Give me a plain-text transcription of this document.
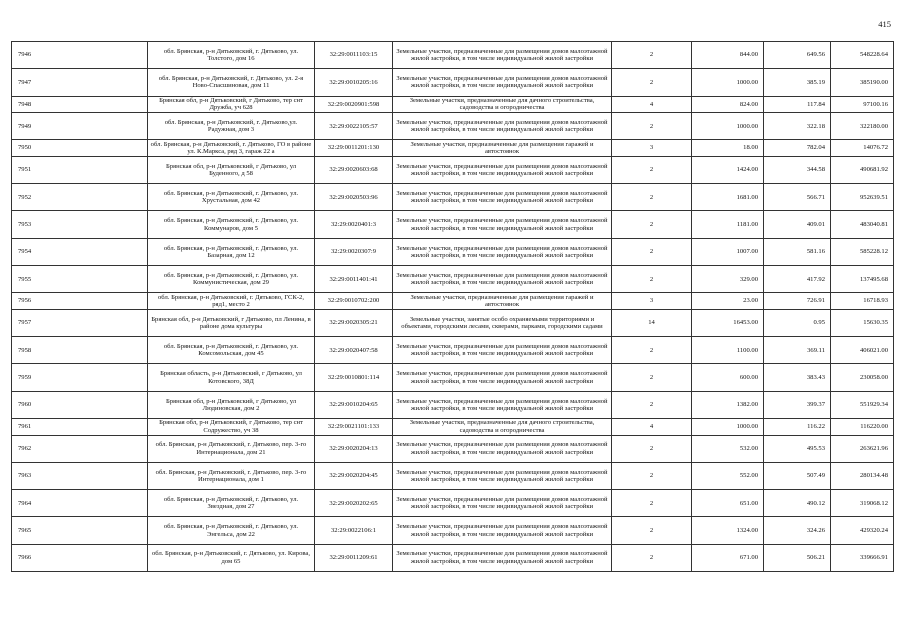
415
7946	обл. Брянская, р-н Дятьковский, г. Дятьково, ул. Толстого, дом 16	32:29:0011103:15	Земельные участки, предназначенные для размещения домов малоэтажной жилой застройки, в том числе индивидуальной жилой застройки	2	844.00	649.56	548228.64
7947	обл. Брянская, р-н Дятьковский, г. Дятьково, ул. 2-я Ново-Спасшиновая, дом 11	32:29:0010205:16	Земельные участки, предназначенные для размещения домов малоэтажной жилой застройки, в том числе индивидуальной жилой застройки	2	1000.00	385.19	385190.00
7948	Брянская обл, р-н Дятьковский, г Дятьково, тер снт Дружба, уч 628	32:29:0020901:598	Земельные участки, предназначенные для дачного строительства, садоводства и огородничества	4	824.00	117.84	97100.16
7949	обл. Брянская, р-н Дятьковский, г. Дятьково,ул. Радужная, дом 3	32:29:0022105:57	Земельные участки, предназначенные для размещения домов малоэтажной жилой застройки, в том числе индивидуальной жилой застройки	2	1000.00	322.18	322180.00
7950	обл. Брянская, р-н Дятьковский, г. Дятьково, ГО в районе ул. К.Маркса, ряд 3, гараж 22 а	32:29:0011201:130	Земельные участки, предназначенные для размещения гаражей и автостоянок	3	18.00	782.04	14076.72
7951	Брянская обл, р-н Дятьковский, г Дятьково, ул Буденного, д 58	32:29:0020603:68	Земельные участки, предназначенные для размещения домов малоэтажной жилой застройки, в том числе индивидуальной жилой застройки	2	1424.00	344.58	490681.92
7952	обл. Брянская, р-н Дятьковский, г. Дятьково, ул. Хрустальная, дом 42	32:29:0020503:96	Земельные участки, предназначенные для размещения домов малоэтажной жилой застройки, в том числе индивидуальной жилой застройки	2	1681.00	566.71	952639.51
7953	обл. Брянская, р-н Дятьковский, г. Дятьково, ул. Коммунаров, дом 5	32:29:0020401:3	Земельные участки, предназначенные для размещения домов малоэтажной жилой застройки, в том числе индивидуальной жилой застройки	2	1181.00	409.01	483040.81
7954	обл. Брянская, р-н Дятьковский, г. Дятьково, ул. Базарная, дом 12	32:29:0020307:9	Земельные участки, предназначенные для размещения домов малоэтажной жилой застройки, в том числе индивидуальной жилой застройки	2	1007.00	581.16	585228.12
7955	обл. Брянская, р-н Дятьковский, г. Дятьково, ул. Коммунистическая, дом 29	32:29:0011401:41	Земельные участки, предназначенные для размещения домов малоэтажной жилой застройки, в том числе индивидуальной жилой застройки	2	329.00	417.92	137495.68
7956	обл. Брянская, р-н Дятьковский, г. Дятьково, ГСК-2, ряд1, место 2	32:29:0010702:200	Земельные участки, предназначенные для размещения гаражей и автостоянок	3	23.00	726.91	16718.93
7957	Брянская обл, р-н Дятьковский, г Дятьково, пл Ленина, в районе дома культуры	32:29:0020305:21	Земельные участки, занятые особо охраняемыми территориями и объектами, городскими лесами, скверами, парками, городскими садами	14	16453.00	0.95	15630.35
7958	обл. Брянская, р-н Дятьковский, г. Дятьково, ул. Комсомольская, дом 45	32:29:0020407:58	Земельные участки, предназначенные для размещения домов малоэтажной жилой застройки, в том числе индивидуальной жилой застройки	2	1100.00	369.11	406021.00
7959	Брянская область, р-н Дятьковский, г Дятьково, ул Котовского, 38Д	32:29:0010801:114	Земельные участки, предназначенные для размещения домов малоэтажной жилой застройки, в том числе индивидуальной жилой застройки	2	600.00	383.43	230058.00
7960	Брянская обл, р-н Дятьковский, г Дятьково, ул Людиновская, дом 2	32:29:0010204:65	Земельные участки, предназначенные для размещения домов малоэтажной жилой застройки, в том числе индивидуальной жилой застройки	2	1382.00	399.37	551929.34
7961	Брянская обл, р-н Дятьковский, г Дятьково, тер снт Содружество, уч 38	32:29:0021101:133	Земельные участки, предназначенные для дачного строительства, садоводства и огородничества	4	1000.00	116.22	116220.00
7962	обл. Брянская, р-н Дятьковский, г. Дятьково, пер. 3-го Интернационала, дом 21	32:29:0020204:13	Земельные участки, предназначенные для размещения домов малоэтажной жилой застройки, в том числе индивидуальной жилой застройки	2	532.00	495.53	263621.96
7963	обл. Брянская, р-н Дятьковский, г. Дятьково, пер. 3-го Интернационала, дом 1	32:29:0020204:45	Земельные участки, предназначенные для размещения домов малоэтажной жилой застройки, в том числе индивидуальной жилой застройки	2	552.00	507.49	280134.48
7964	обл. Брянская, р-н Дятьковский, г. Дятьково, ул. Звездная, дом 27	32:29:0020202:65	Земельные участки, предназначенные для размещения домов малоэтажной жилой застройки, в том числе индивидуальной жилой застройки	2	651.00	490.12	319068.12
7965	обл. Брянская, р-н Дятьковский, г. Дятьково, ул. Энгельса, дом 22	32:29:0022106:1	Земельные участки, предназначенные для размещения домов малоэтажной жилой застройки, в том числе индивидуальной жилой застройки	2	1324.00	324.26	429320.24
7966	обл. Брянская, р-н Дятьковский, г. Дятьково, ул. Кирова, дом 65	32:29:0011209:61	Земельные участки, предназначенные для размещения домов малоэтажной жилой застройки, в том числе индивидуальной жилой застройки	2	671.00	506.21	339666.91
